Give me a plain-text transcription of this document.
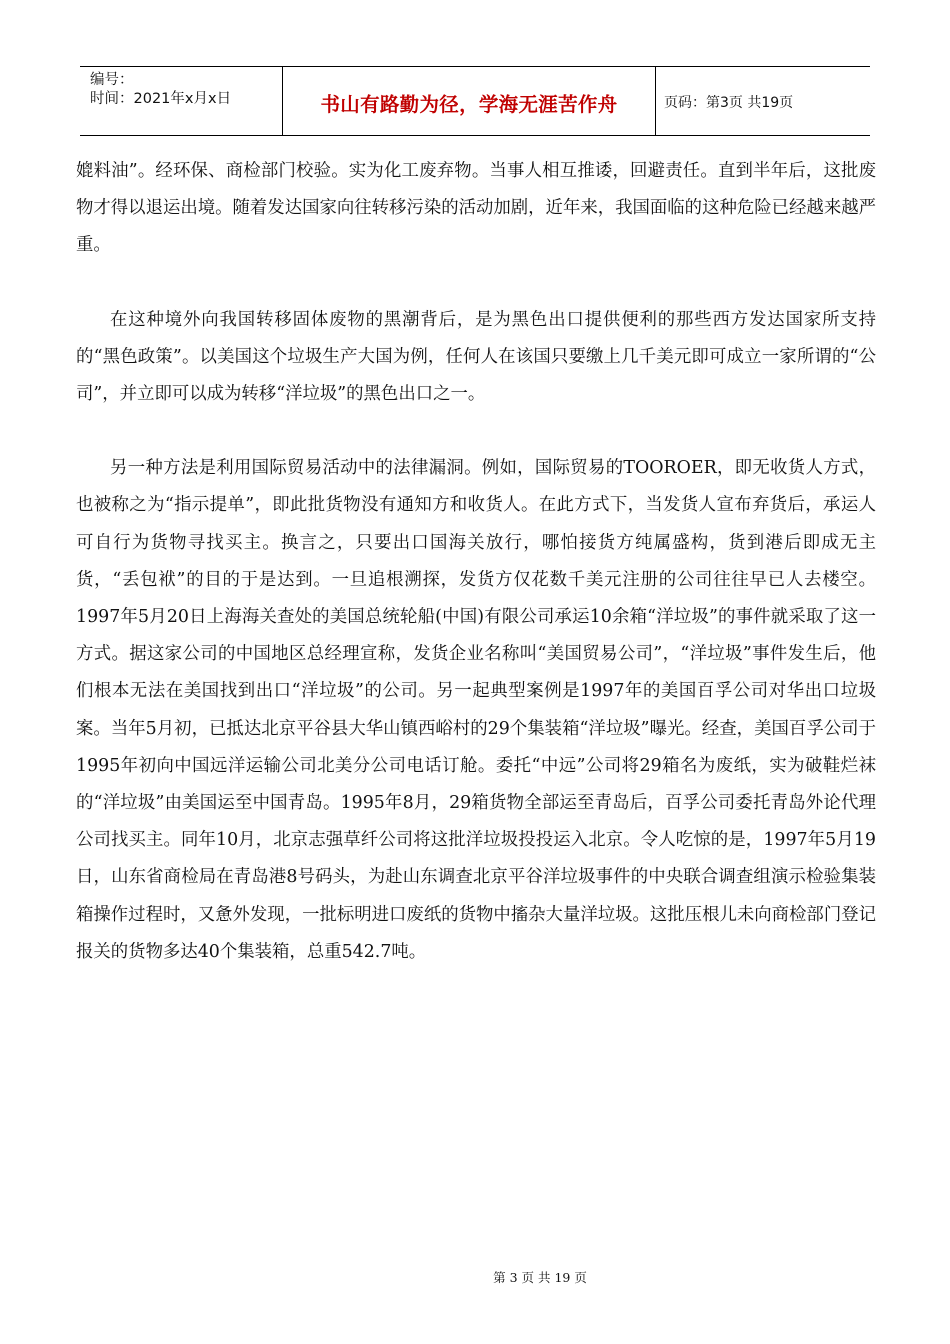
编号：
时间：2021年x月x日	书山有路勤为径，学海无涯苦作舟	页码：第3页 共19页

媲料油”。经环保、商检部门校验。实为化工废弃物。当事人相互推诿，回避责任。直到半年后，这批废物才得以退运出境。随着发达国家向往转移污染的活动加剧，近年来，我国面临的这种危险已经越来越严重。

在这种境外向我国转移固体废物的黑潮背后，是为黑色出口提供便利的那些西方发达国家所支持的“黑色政策”。以美国这个垃圾生产大国为例，任何人在该国只要缴上几千美元即可成立一家所谓的“公司”，并立即可以成为转移“洋垃圾”的黑色出口之一。

另一种方法是利用国际贸易活动中的法律漏洞。例如，国际贸易的TOOROER，即无收货人方式，也被称之为“指示提单”，即此批货物没有通知方和收货人。在此方式下，当发货人宣布弃货后，承运人可自行为货物寻找买主。换言之，只要出口国海关放行，哪怕接货方纯属盛构，货到港后即成无主货，“丢包袱”的目的于是达到。一旦追根溯探，发货方仅花数千美元注册的公司往往早已人去楼空。1997年5月20日上海海关查处的美国总统轮船(中国)有限公司承运10余箱“洋垃圾”的事件就采取了这一方式。据这家公司的中国地区总经理宣称，发货企业名称叫“美国贸易公司”，“洋垃圾”事件发生后，他们根本无法在美国找到出口“洋垃圾”的公司。另一起典型案例是1997年的美国百孚公司对华出口垃圾案。当年5月初，已抵达北京平谷县大华山镇西峪村的29个集装箱“洋垃圾”曝光。经查，美国百孚公司于1995年初向中国远洋运输公司北美分公司电话订舱。委托“中远”公司将29箱名为废纸，实为破鞋烂袜的“洋垃圾”由美国运至中国青岛。1995年8月，29箱货物全部运至青岛后，百孚公司委托青岛外论代理公司找买主。同年10月，北京志强草纤公司将这批洋垃圾投投运入北京。令人吃惊的是，1997年5月19日，山东省商检局在青岛港8号码头，为赴山东调查北京平谷洋垃圾事件的中央联合调查组演示检验集装箱操作过程时，又惫外发现，一批标明进口废纸的货物中搐杂大量洋垃圾。这批压根儿未向商检部门登记报关的货物多达40个集装箱，总重542.7吨。

第 3 页 共 19 页
